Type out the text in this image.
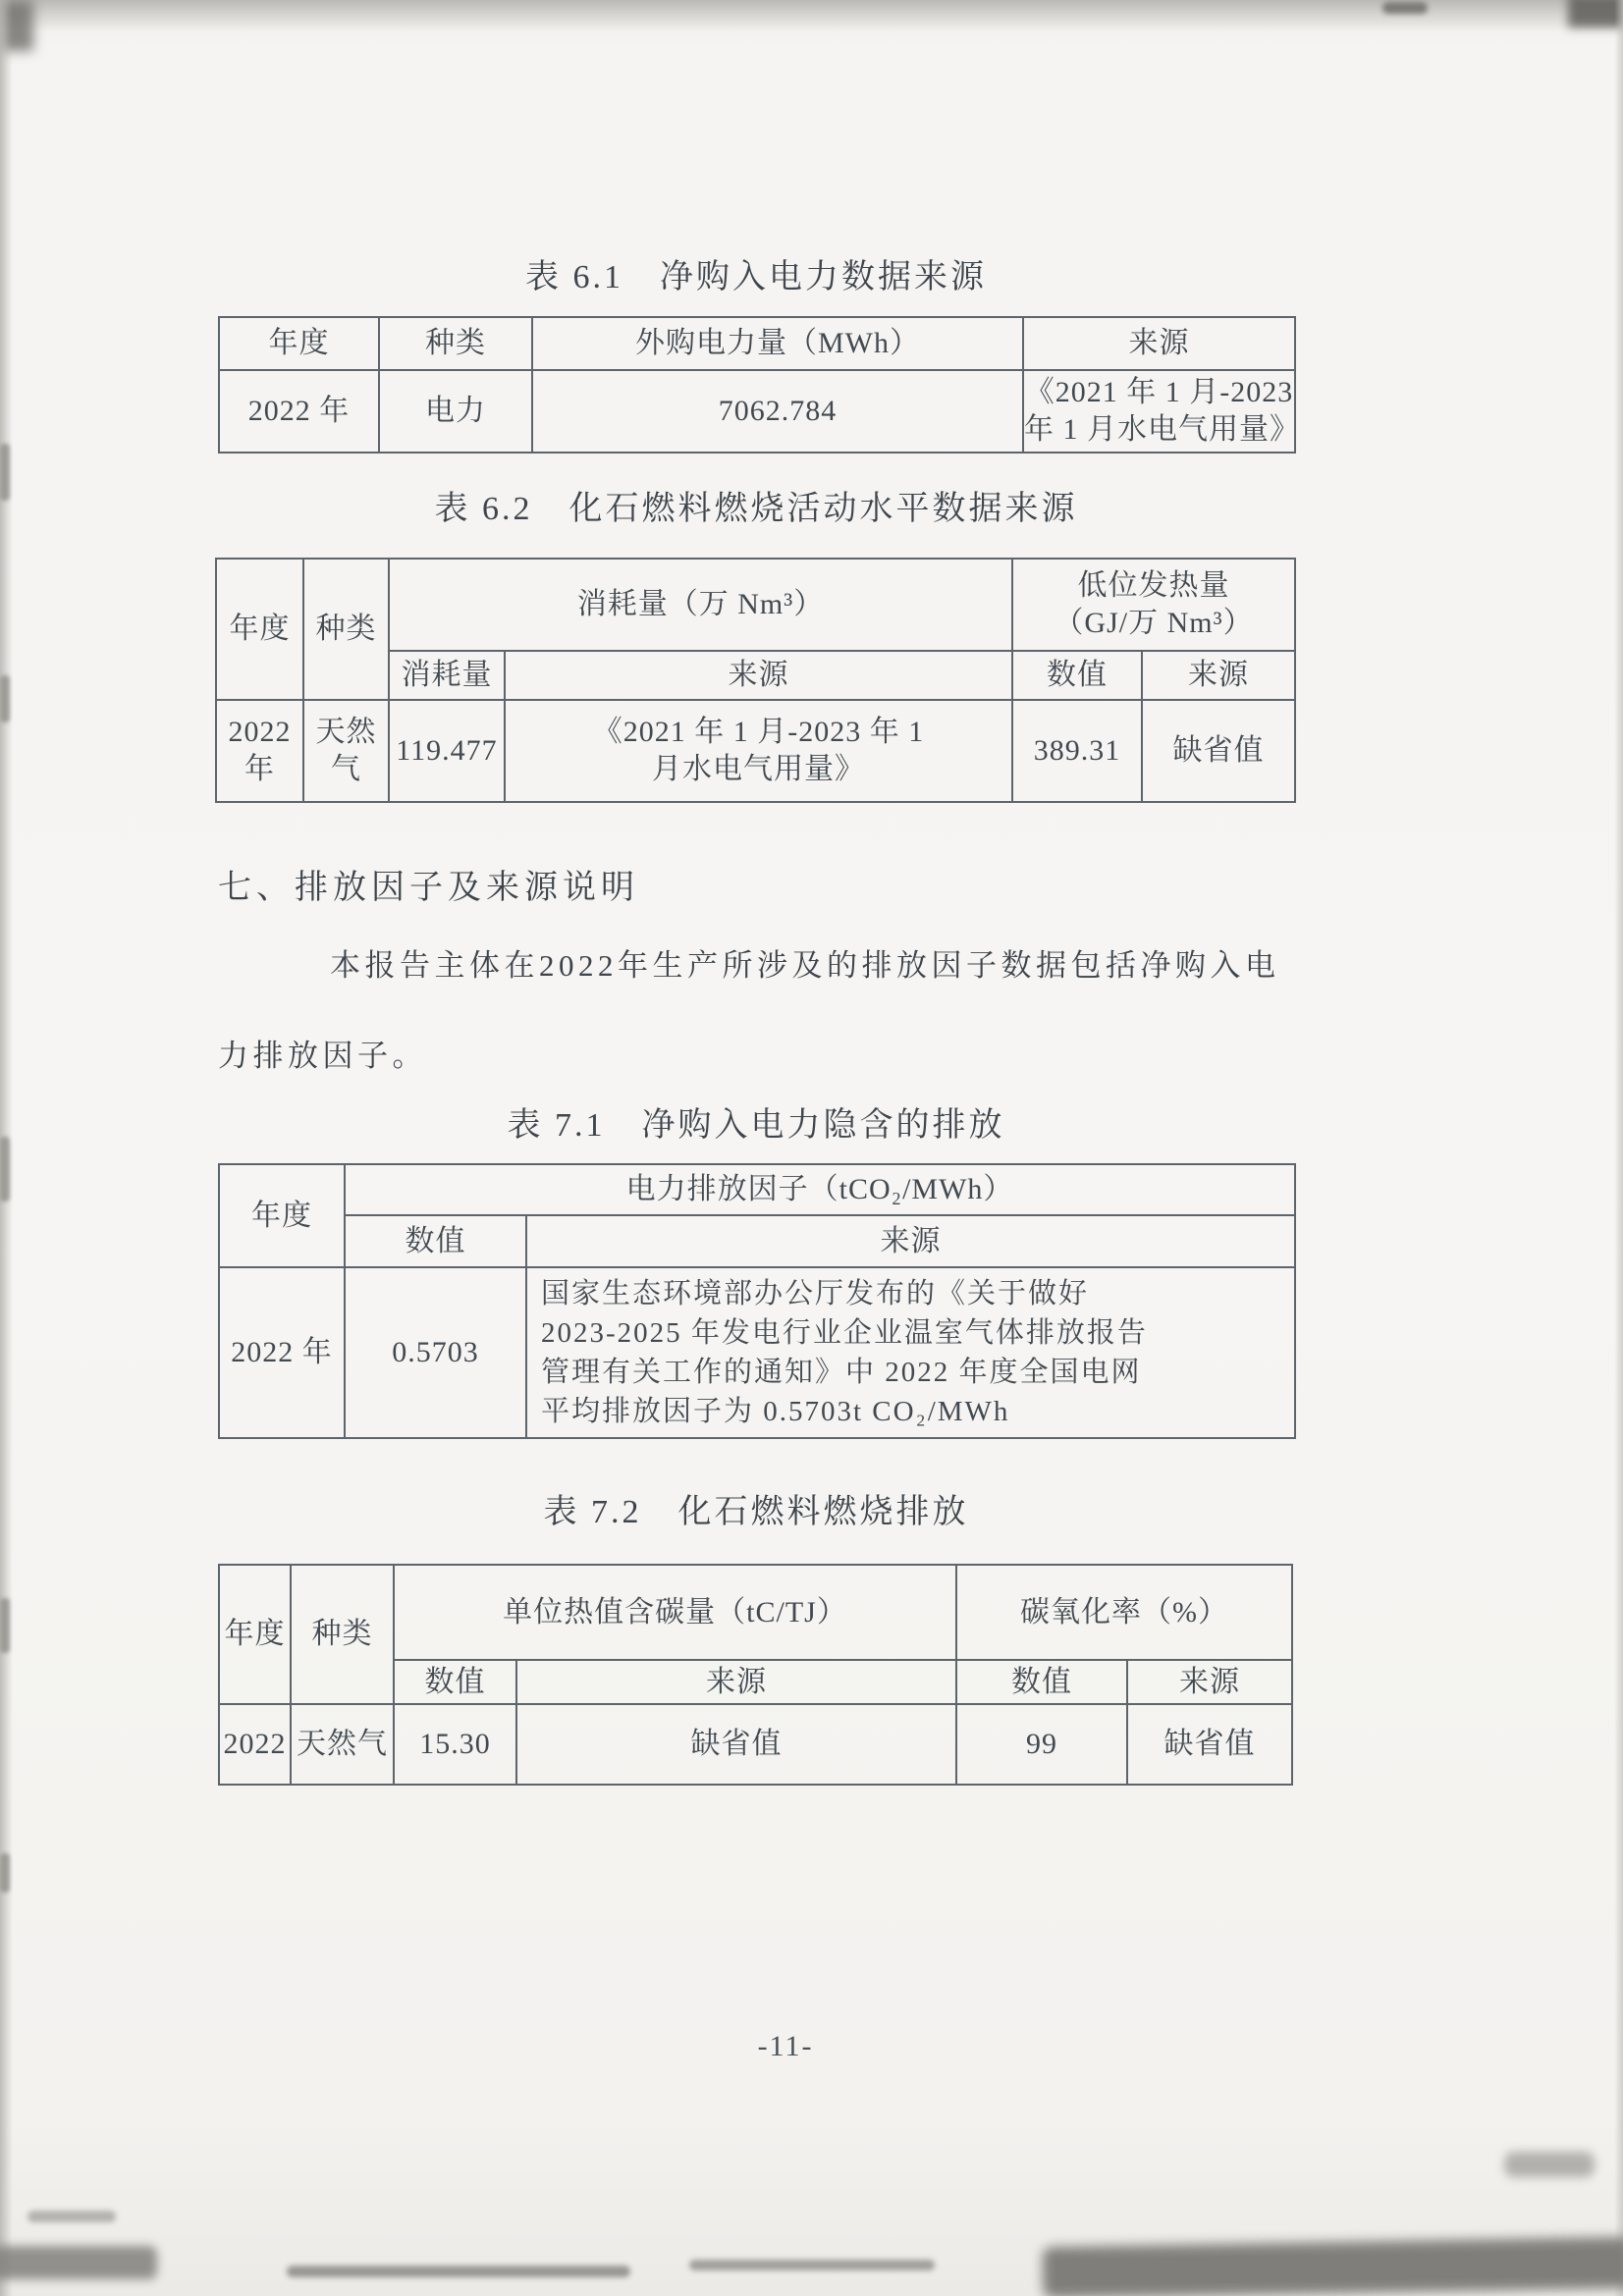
表 6.1　净购入电力数据来源
年度	种类	外购电力量（MWh）	来源
2022 年	电力	7062.784	《2021 年 1 月-2023
年 1 月水电气用量》
表 6.2　化石燃料燃烧活动水平数据来源
年度	种类	消耗量（万 Nm³）		低位发热量
（GJ/万 Nm³）	

		消耗量	来源	数值	来源
2022 年	天然气	119.477	《2021 年 1 月-2023 年 1
月水电气用量》	389.31	缺省值
七、排放因子及来源说明
本报告主体在2022年生产所涉及的排放因子数据包括净购入电
力排放因子。
表 7.1　净购入电力隐含的排放
年度	电力排放因子（tCO₂/MWh）	
	数值	来源
2022 年	0.5703	国家生态环境部办公厅发布的《关于做好
2023-2025 年发电行业企业温室气体排放报告
管理有关工作的通知》中 2022 年度全国电网
平均排放因子为 0.5703t CO₂/MWh
表 7.2　化石燃料燃烧排放
年度	种类	单位热值含碳量（tC/TJ）		碳氧化率（%）	
		数值	来源	数值	来源
2022	天然气	15.30	缺省值	99	缺省值
-11-
